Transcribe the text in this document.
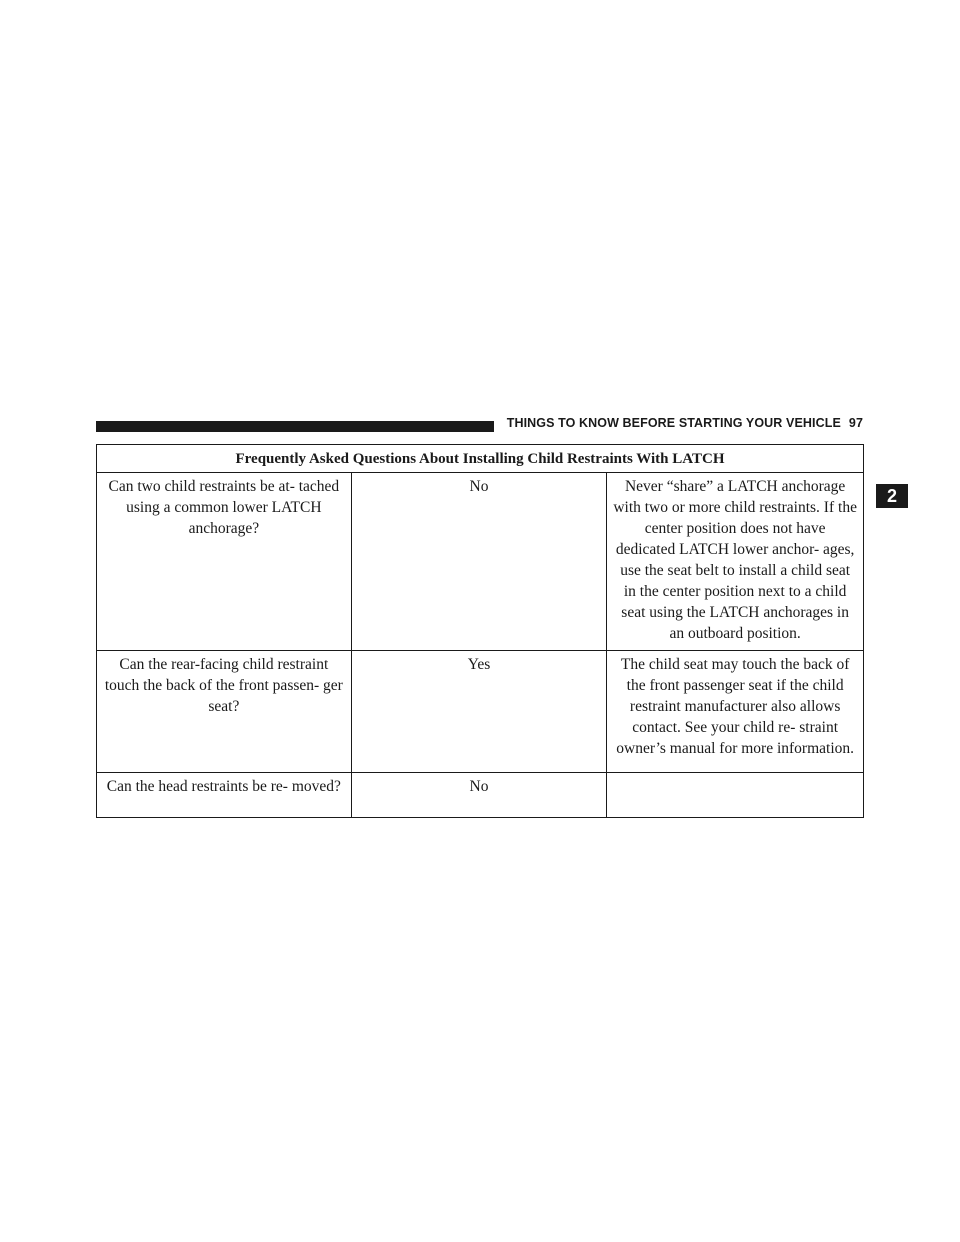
THINGS TO KNOW BEFORE STARTING YOUR VEHICLE 97
2
Frequently Asked Questions About Installing Child Restraints With LATCH		
Can two child restraints be at- tached using a common lower LATCH anchorage?	No	Never “share” a LATCH anchorage with two or more child restraints. If the center position does not have dedicated LATCH lower anchor- ages, use the seat belt to install a child seat in the center position next to a child seat using the LATCH anchorages in an outboard position.
Can the rear-facing child restraint touch the back of the front passen- ger seat?	Yes	The child seat may touch the back of the front passenger seat if the child restraint manufacturer also allows contact. See your child re- straint owner’s manual for more information.
Can the head restraints be re- moved?	No	
